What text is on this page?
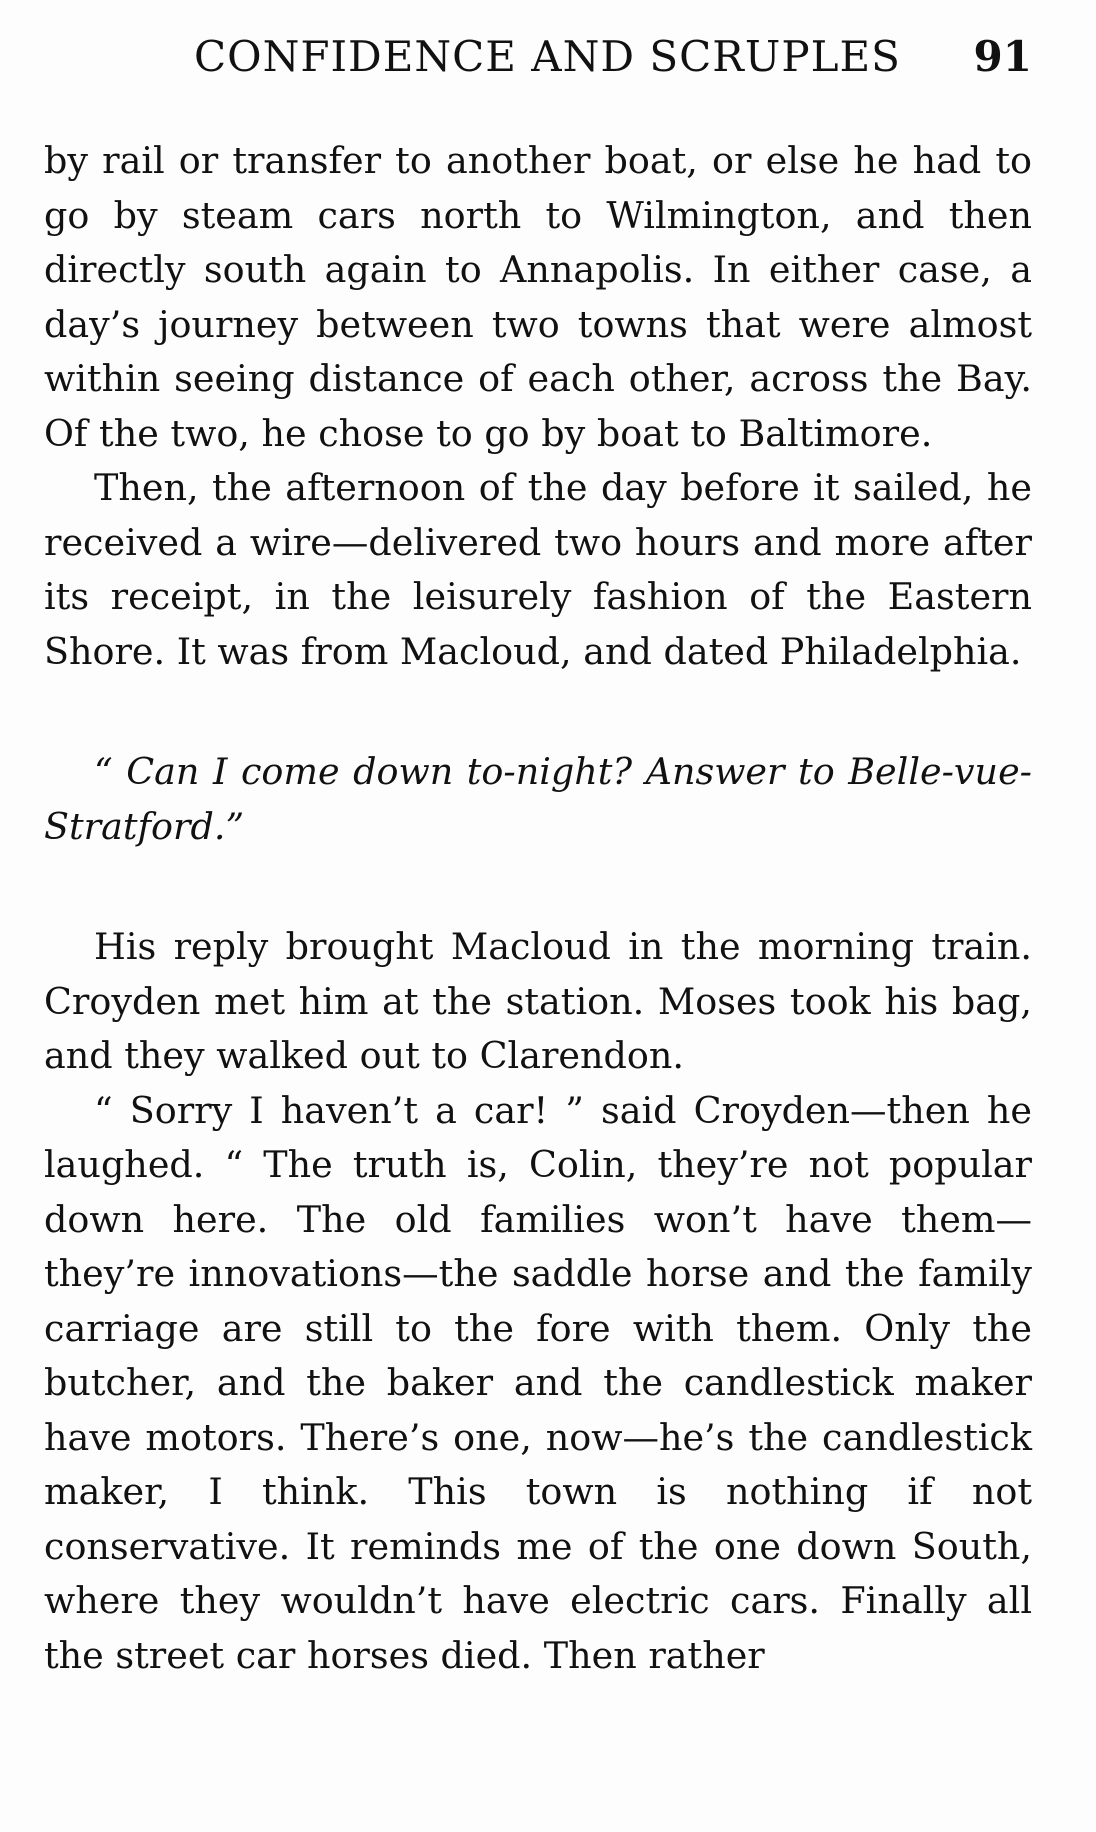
CONFIDENCE AND SCRUPLES 91

by rail or transfer to another boat, or else he had to go by steam cars north to Wilmington, and then directly south again to Annapolis. In either case, a day’s journey between two towns that were almost within seeing distance of each other, across the Bay. Of the two, he chose to go by boat to Baltimore.

Then, the afternoon of the day before it sailed, he received a wire—delivered two hours and more after its receipt, in the leisurely fashion of the Eastern Shore. It was from Macloud, and dated Philadelphia.

“ Can I come down to-night? Answer to Belle-vue-Stratford.”

His reply brought Macloud in the morning train. Croyden met him at the station. Moses took his bag, and they walked out to Clarendon.

“ Sorry I haven’t a car! ” said Croyden—then he laughed. “ The truth is, Colin, they’re not popular down here. The old families won’t have them—they’re innovations—the saddle horse and the family carriage are still to the fore with them. Only the butcher, and the baker and the candlestick maker have motors. There’s one, now—he’s the candlestick maker, I think. This town is nothing if not conservative. It reminds me of the one down South, where they wouldn’t have electric cars. Finally all the street car horses died. Then rather
